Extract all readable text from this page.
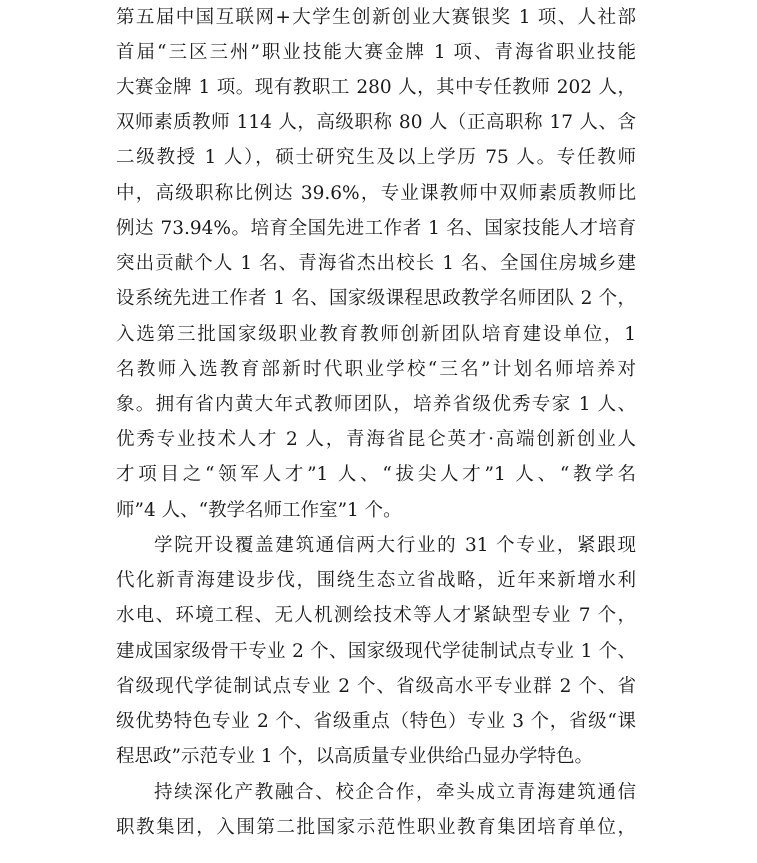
第五届中国互联网+大学生创新创业大赛银奖 1 项、人社部
首届“三区三州”职业技能大赛金牌 1 项、青海省职业技能
大赛金牌 1 项。现有教职工 280 人，其中专任教师 202 人，
双师素质教师 114 人，高级职称 80 人（正高职称 17 人、含
二级教授 1 人），硕士研究生及以上学历 75 人。专任教师
中，高级职称比例达 39.6%，专业课教师中双师素质教师比
例达 73.94%。培育全国先进工作者 1 名、国家技能人才培育
突出贡献个人 1 名、青海省杰出校长 1 名、全国住房城乡建
设系统先进工作者 1 名、国家级课程思政教学名师团队 2 个，
入选第三批国家级职业教育教师创新团队培育建设单位，1
名教师入选教育部新时代职业学校“三名”计划名师培养对
象。拥有省内黄大年式教师团队，培养省级优秀专家 1 人、
优秀专业技术人才 2 人，青海省昆仑英才·高端创新创业人
才项目之“领军人才”1 人、“拔尖人才”1 人、“教学名
师”4 人、“教学名师工作室”1 个。
学院开设覆盖建筑通信两大行业的 31 个专业，紧跟现
代化新青海建设步伐，围绕生态立省战略，近年来新增水利
水电、环境工程、无人机测绘技术等人才紧缺型专业 7 个，
建成国家级骨干专业 2 个、国家级现代学徒制试点专业 1 个、
省级现代学徒制试点专业 2 个、省级高水平专业群 2 个、省
级优势特色专业 2 个、省级重点（特色）专业 3 个，省级“课
程思政”示范专业 1 个，以高质量专业供给凸显办学特色。
持续深化产教融合、校企合作，牵头成立青海建筑通信
职教集团，入围第二批国家示范性职业教育集团培育单位，
